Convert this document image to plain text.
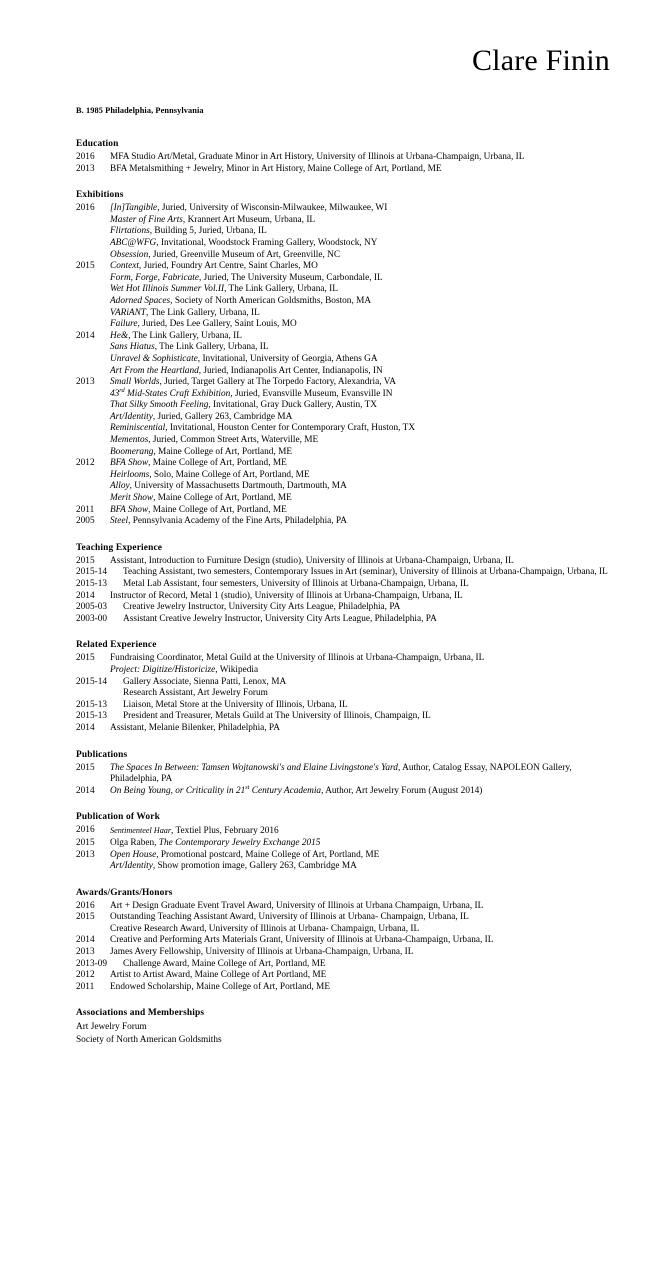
Clare Finin
B. 1985 Philadelphia, Pennsylvania
Education
2016	MFA Studio Art/Metal, Graduate Minor in Art History, University of Illinois at Urbana-Champaign, Urbana, IL
2013	BFA Metalsmithing + Jewelry, Minor in Art History, Maine College of Art, Portland, ME
Exhibitions
2016	[In]Tangible, Juried, University of Wisconsin-Milwaukee, Milwaukee, WI
Master of Fine Arts, Krannert Art Museum, Urbana, IL
Flirtations, Building 5, Juried, Urbana, IL
ABC@WFG, Invitational, Woodstock Framing Gallery, Woodstock, NY
Obsession, Juried, Greenville Museum of Art, Greenville, NC
2015	Context, Juried, Foundry Art Centre, Saint Charles, MO
Form, Forge, Fabricate, Juried, The University Museum, Carbondale, IL
Wet Hot Illinois Summer Vol.II, The Link Gallery, Urbana, IL
Adorned Spaces, Society of North American Goldsmiths, Boston, MA
VARiANT, The Link Gallery, Urbana, IL
Failure, Juried, Des Lee Gallery, Saint Louis, MO
2014	He&, The Link Gallery, Urbana, IL
Sans Hiatus, The Link Gallery, Urbana, IL
Unravel & Sophisticate, Invitational, University of Georgia, Athens GA
Art From the Heartland, Juried, Indianapolis Art Center, Indianapolis, IN
2013	Small Worlds, Juried, Target Gallery at The Torpedo Factory, Alexandria, VA
43rd Mid-States Craft Exhibition, Juried, Evansville Museum, Evansville IN
That Silky Smooth Feeling, Invitational, Gray Duck Gallery, Austin, TX
Art/Identity, Juried, Gallery 263, Cambridge MA
Reminiscential, Invitational, Houston Center for Contemporary Craft, Huston, TX
Mementos, Juried, Common Street Arts, Waterville, ME
Boomerang, Maine College of Art, Portland, ME
2012	BFA Show, Maine College of Art, Portland, ME
Heirlooms, Solo, Maine College of Art, Portland, ME
Alloy, University of Massachusetts Dartmouth, Dartmouth, MA
Merit Show, Maine College of Art, Portland, ME
2011	BFA Show, Maine College of Art, Portland, ME
2005	Steel, Pennsylvania Academy of the Fine Arts, Philadelphia, PA
Teaching Experience
2015	Assistant, Introduction to Furniture Design (studio), University of Illinois at Urbana-Champaign, Urbana, IL
2015-14	Teaching Assistant, two semesters, Contemporary Issues in Art (seminar), University of Illinois at Urbana-Champaign, Urbana, IL
2015-13	Metal Lab Assistant, four semesters, University of Illinois at Urbana-Champaign, Urbana, IL
2014	Instructor of Record, Metal 1 (studio), University of Illinois at Urbana-Champaign, Urbana, IL
2005-03	Creative Jewelry Instructor, University City Arts League, Philadelphia, PA
2003-00	Assistant Creative Jewelry Instructor, University City Arts League, Philadelphia, PA
Related Experience
2015	Fundraising Coordinator, Metal Guild at the University of Illinois at Urbana-Champaign, Urbana, IL
Project: Digitize/Historicize, Wikipedia
2015-14	Gallery Associate, Sienna Patti, Lenox, MA
Research Assistant, Art Jewelry Forum
2015-13	Liaison, Metal Store at the University of Illinois, Urbana, IL
2015-13	President and Treasurer, Metals Guild at The University of Illinois, Champaign, IL
2014	Assistant, Melanie Bilenker, Philadelphia, PA
Publications
2015	The Spaces In Between: Tamsen Wojtanowski's and Elaine Livingstone's Yard, Author, Catalog Essay, NAPOLEON Gallery, Philadelphia, PA
2014	On Being Young, or Criticality in 21st Century Academia, Author, Art Jewelry Forum (August 2014)
Publication of Work
2016	Sentimenteel Haar, Textiel Plus, February 2016
2015	Olga Raben, The Contemporary Jewelry Exchange 2015
2013	Open House, Promotional postcard, Maine College of Art, Portland, ME
Art/Identity, Show promotion image, Gallery 263, Cambridge MA
Awards/Grants/Honors
2016	Art + Design Graduate Event Travel Award, University of Illinois at Urbana Champaign, Urbana, IL
2015	Outstanding Teaching Assistant Award, University of Illinois at Urbana- Champaign, Urbana, IL
Creative Research Award, University of Illinois at Urbana- Champaign, Urbana, IL
2014	Creative and Performing Arts Materials Grant, University of Illinois at Urbana-Champaign, Urbana, IL
2013	James Avery Fellowship, University of Illinois at Urbana-Champaign, Urbana, IL
2013-09	Challenge Award, Maine College of Art, Portland, ME
2012	Artist to Artist Award, Maine College of Art Portland, ME
2011	Endowed Scholarship, Maine College of Art, Portland, ME
Associations and Memberships
Art Jewelry Forum
Society of North American Goldsmiths
